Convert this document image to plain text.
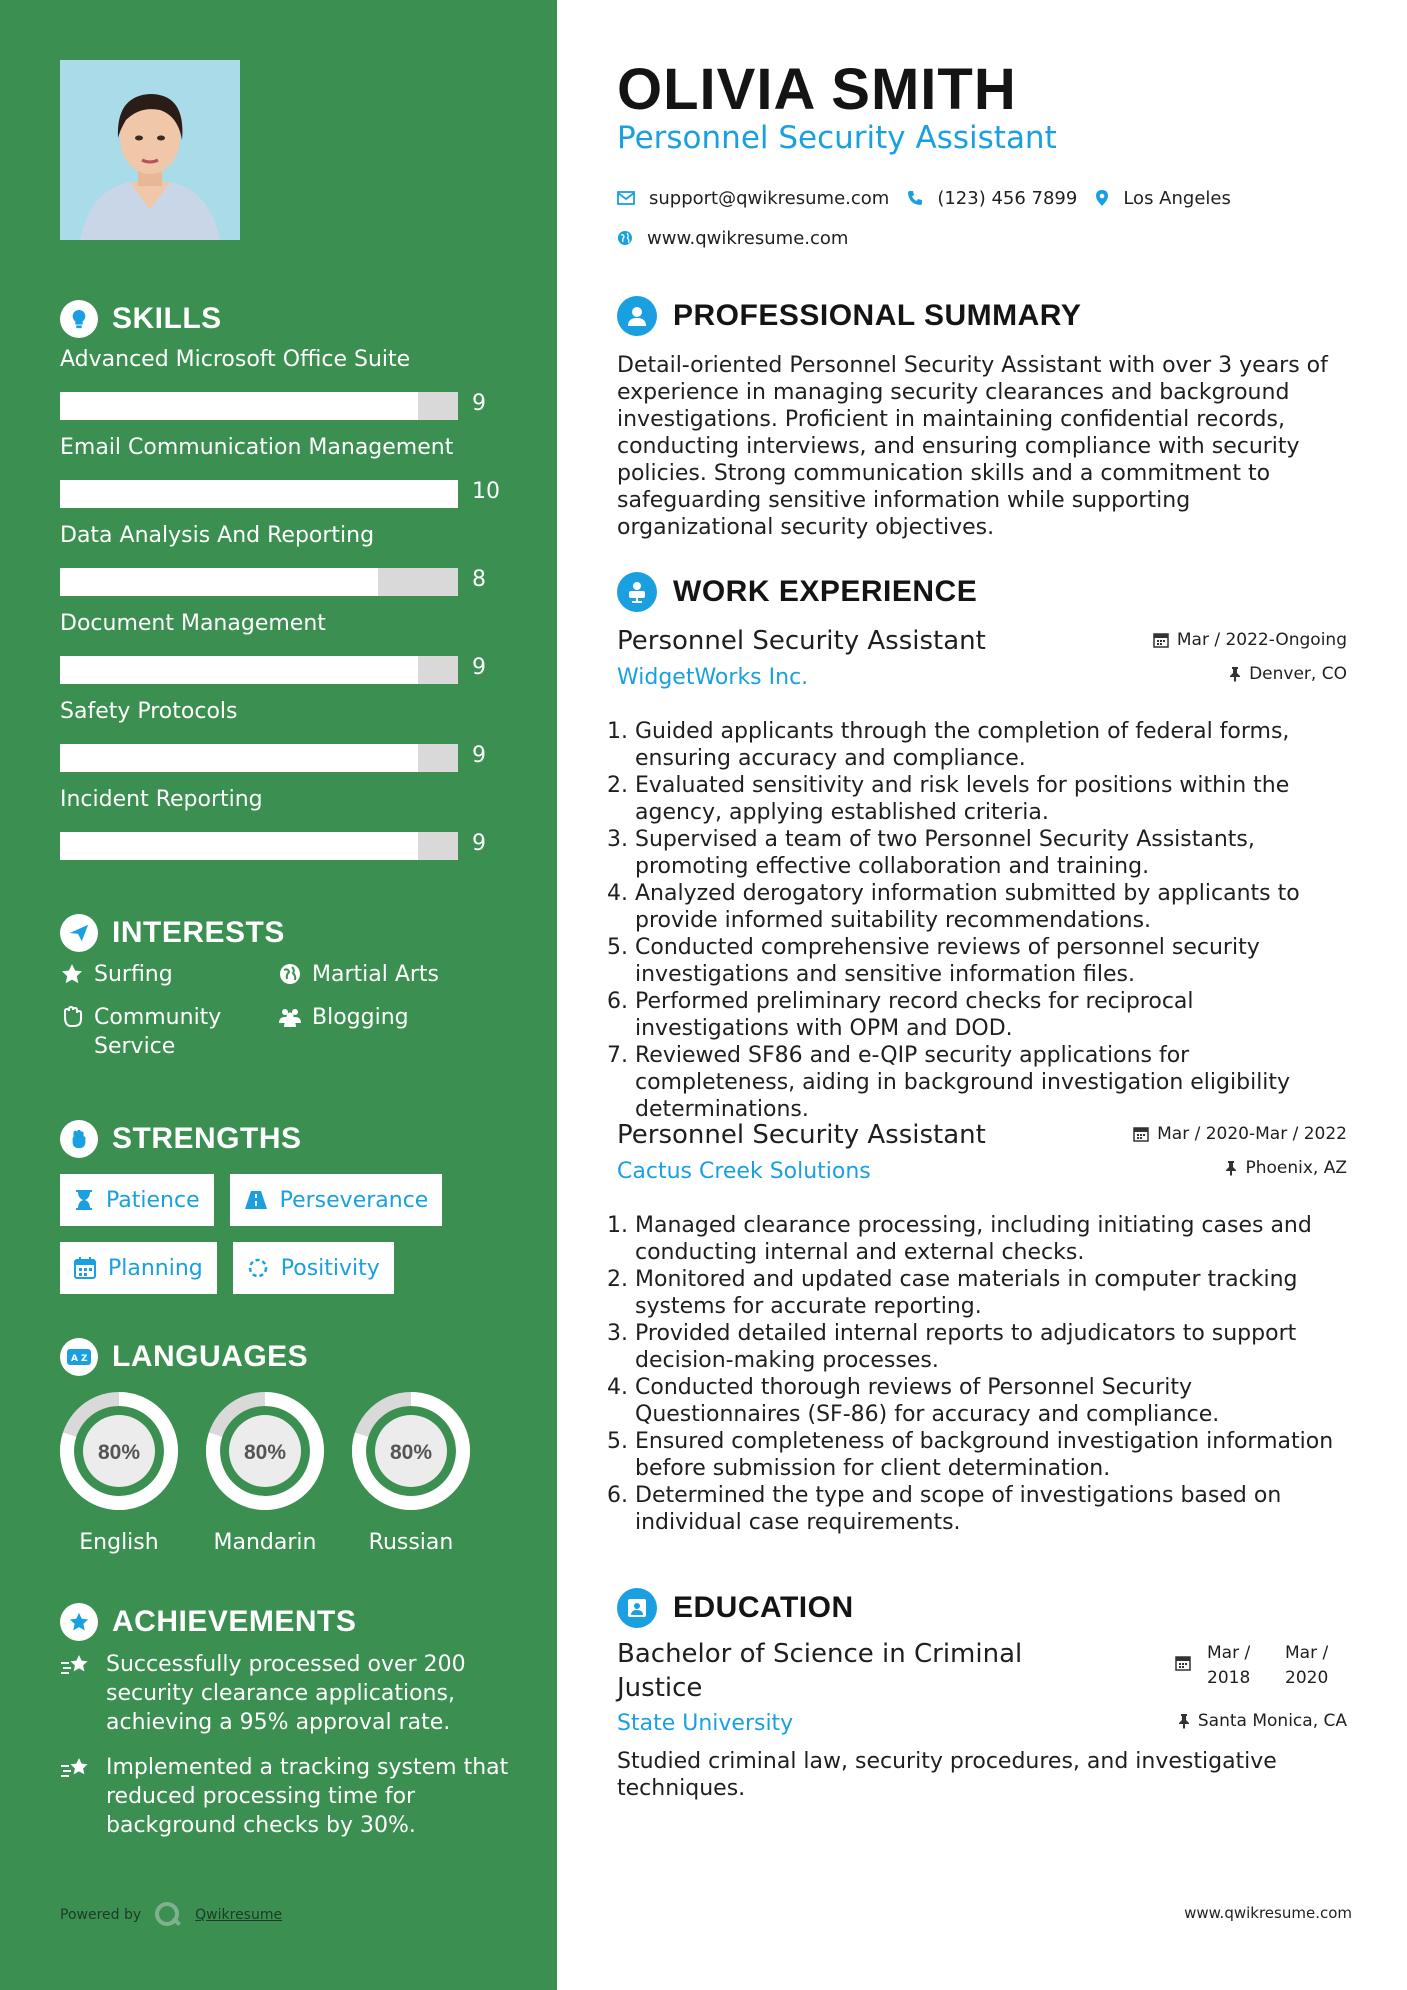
SKILLS
Advanced Microsoft Office Suite
9
Email Communication Management
10
Data Analysis And Reporting
8
Document Management
9
Safety Protocols
9
Incident Reporting
9
INTERESTS
Surfing	Martial Arts
Community Service
Blogging
STRENGTHS
Patience	Perseverance
Planning	Positivity
A Z LANGUAGES
80%
English
80%
Mandarin
80%
Russian
ACHIEVEMENTS
Successfully processed over 200 security clearance applications, achieving a 95% approval rate.
Implemented a tracking system that reduced processing time for background checks by 30%.
Powered by	Qwikresume
OLIVIA SMITH
Personnel Security Assistant
support@qwikresume.com	(123) 456 7899	Los Angeles
www.qwikresume.com
PROFESSIONAL SUMMARY
Detail-oriented Personnel Security Assistant with over 3 years of experience in managing security clearances and background investigations. Proficient in maintaining confidential records, conducting interviews, and ensuring compliance with security policies. Strong communication skills and a commitment to safeguarding sensitive information while supporting organizational security objectives.
WORK EXPERIENCE
Personnel Security Assistant
WidgetWorks Inc.
Mar / 2022-Ongoing
Denver, CO
1. Guided applicants through the completion of federal forms, ensuring accuracy and compliance.
2. Evaluated sensitivity and risk levels for positions within the agency, applying established criteria.
3. Supervised a team of two Personnel Security Assistants, promoting effective collaboration and training.
4. Analyzed derogatory information submitted by applicants to provide informed suitability recommendations.
5. Conducted comprehensive reviews of personnel security investigations and sensitive information files.
6. Performed preliminary record checks for reciprocal investigations with OPM and DOD.
7. Reviewed SF86 and e-QIP security applications for completeness, aiding in background investigation eligibility determinations.
Personnel Security Assistant
Cactus Creek Solutions
Mar / 2020-Mar / 2022
Phoenix, AZ
1. Managed clearance processing, including initiating cases and conducting internal and external checks.
2. Monitored and updated case materials in computer tracking systems for accurate reporting.
3. Provided detailed internal reports to adjudicators to support decision-making processes.
4. Conducted thorough reviews of Personnel Security Questionnaires (SF-86) for accuracy and compliance.
5. Ensured completeness of background investigation information before submission for client determination.
6. Determined the type and scope of investigations based on individual case requirements.
EDUCATION
Bachelor of Science in Criminal Justice
State University
Mar / 2018
Mar / 2020
Santa Monica, CA
Studied criminal law, security procedures, and investigative techniques.
www.qwikresume.com
